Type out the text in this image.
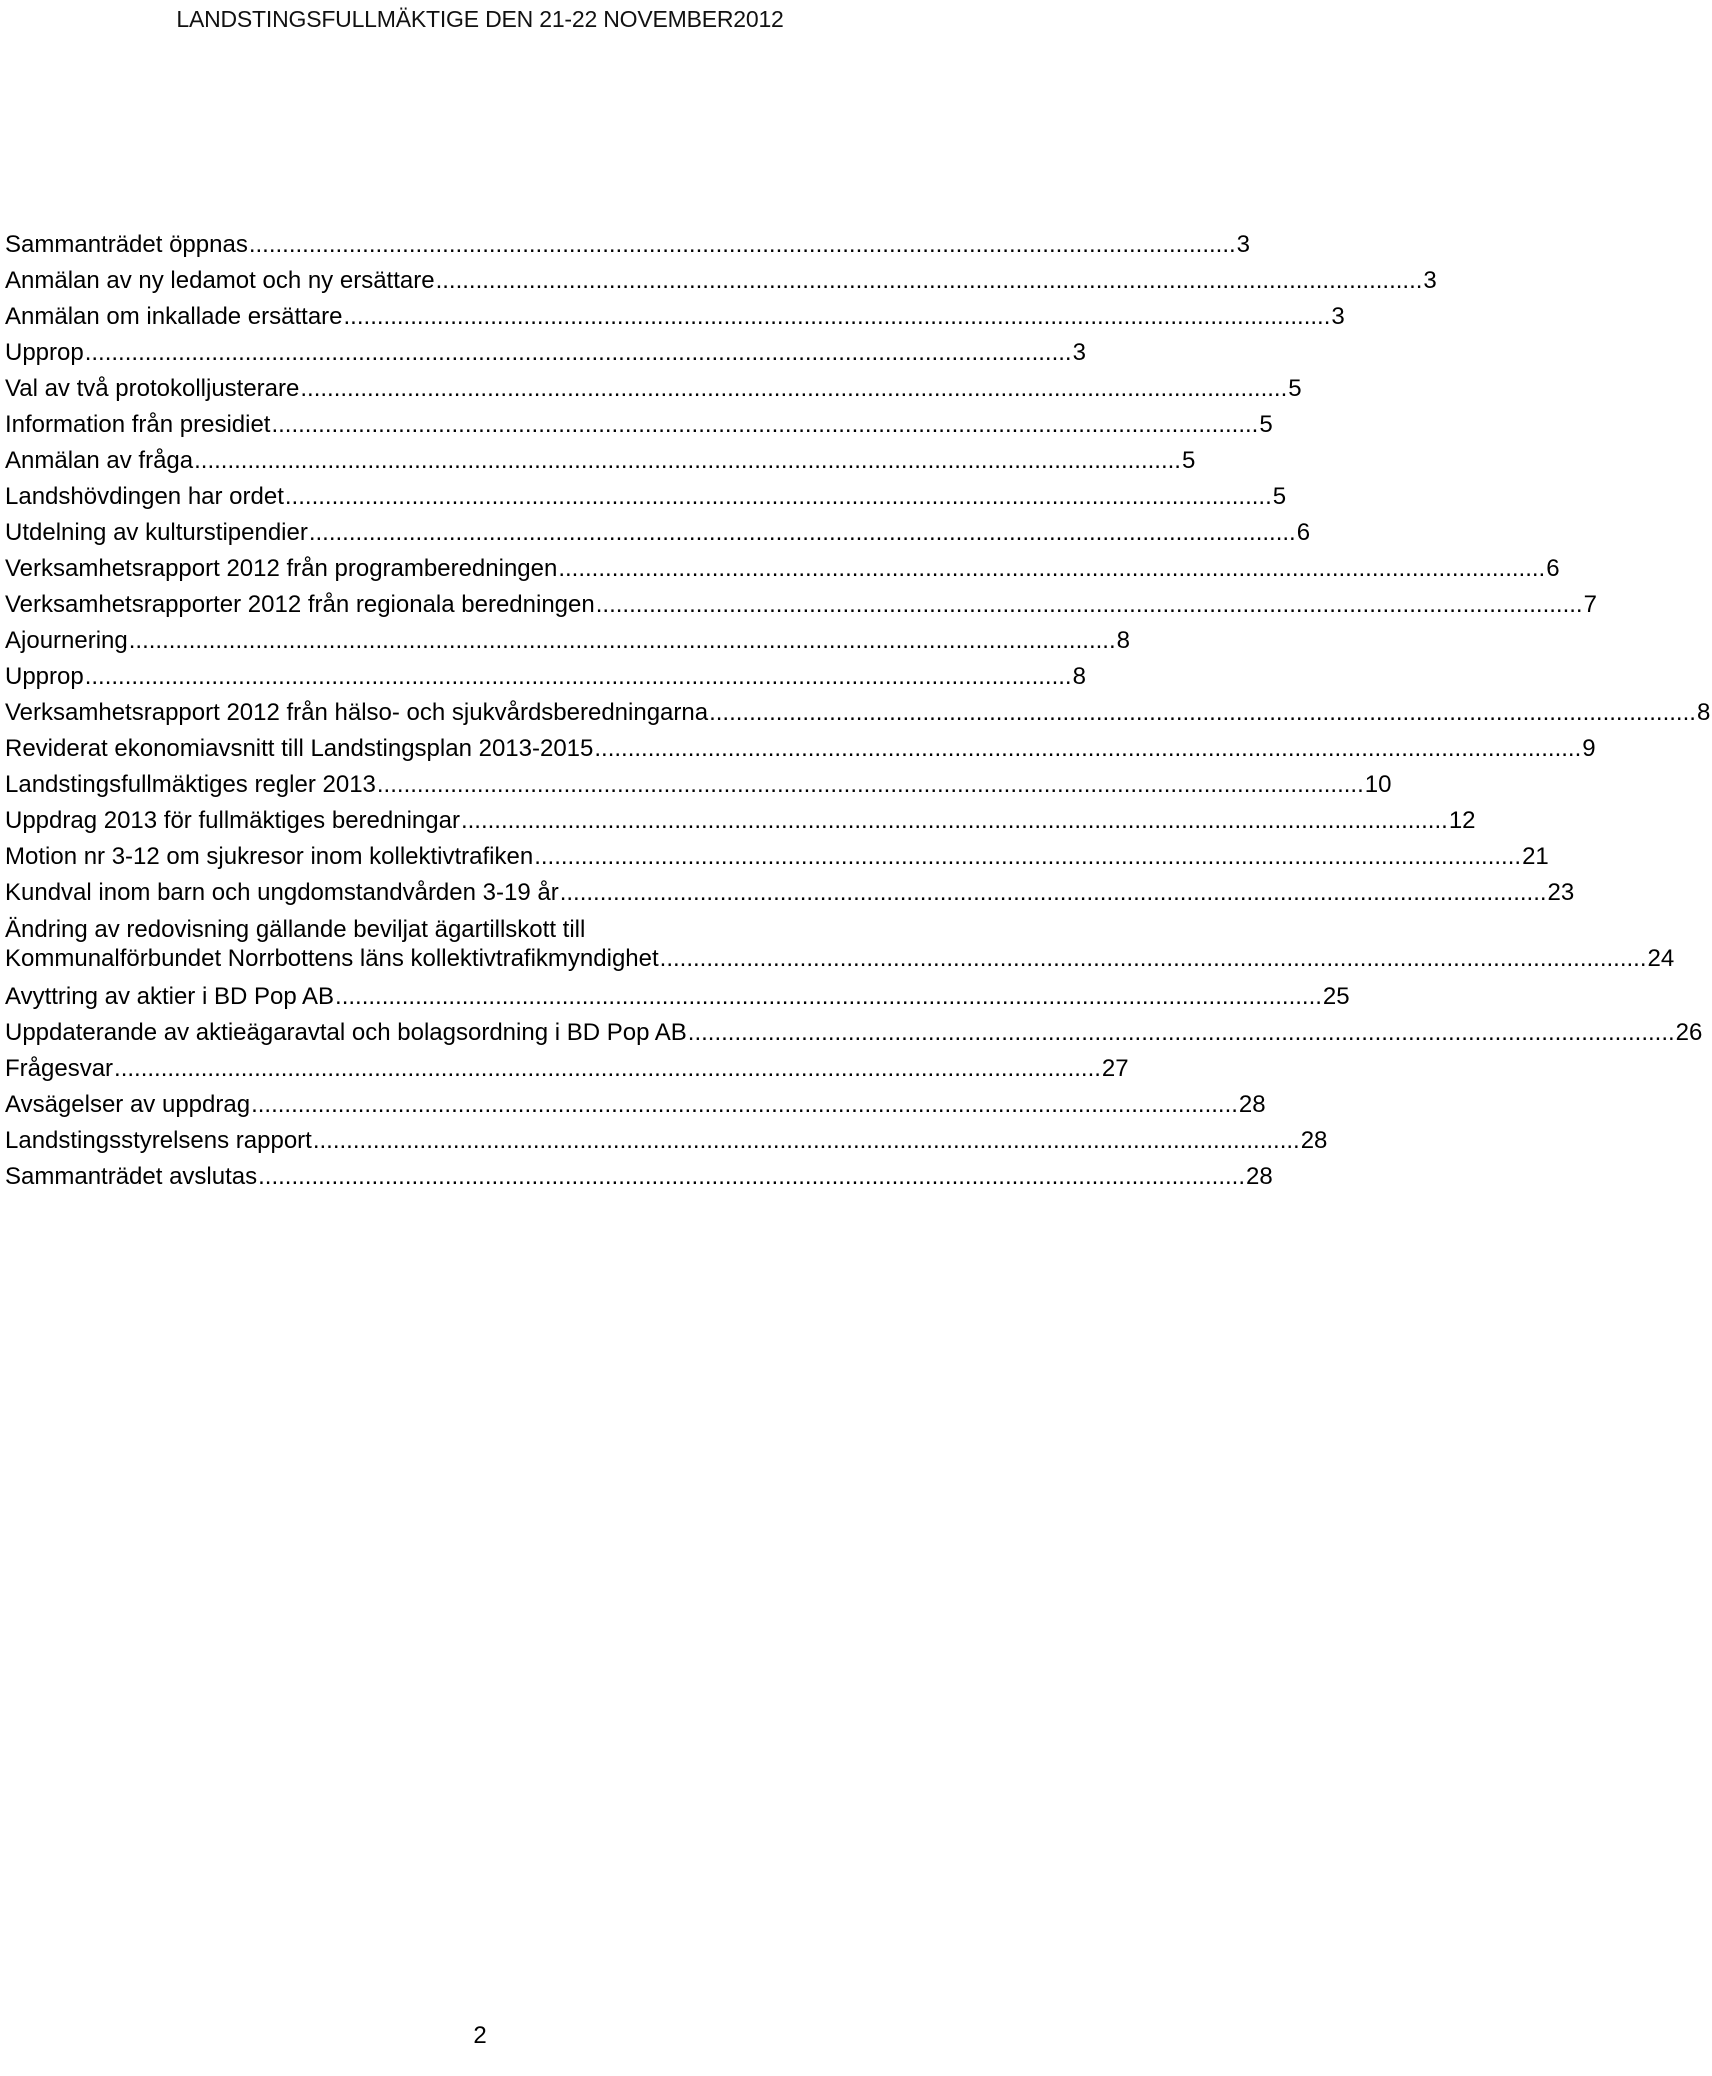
LANDSTINGSFULLMÄKTIGE DEN 21-22 NOVEMBER2012
Sammanträdet öppnas .................................................................................................................................................... 3
Anmälan av ny ledamot och ny ersättare .................................................................................................................................................... 3
Anmälan om inkallade ersättare .................................................................................................................................................... 3
Upprop .................................................................................................................................................... 3
Val av två protokolljusterare .................................................................................................................................................... 5
Information från presidiet .................................................................................................................................................... 5
Anmälan av fråga .................................................................................................................................................... 5
Landshövdingen har ordet .................................................................................................................................................... 5
Utdelning av kulturstipendier .................................................................................................................................................... 6
Verksamhetsrapport 2012 från programberedningen .................................................................................................................................................... 6
Verksamhetsrapporter 2012 från regionala beredningen .................................................................................................................................................... 7
Ajournering .................................................................................................................................................... 8
Upprop .................................................................................................................................................... 8
Verksamhetsrapport 2012 från hälso- och sjukvårdsberedningarna .................................................................................................................................................... 8
Reviderat ekonomiavsnitt till Landstingsplan 2013-2015 .................................................................................................................................................... 9
Landstingsfullmäktiges regler 2013 .................................................................................................................................................... 10
Uppdrag 2013 för fullmäktiges beredningar .................................................................................................................................................... 12
Motion nr 3-12 om sjukresor inom kollektivtrafiken .................................................................................................................................................... 21
Kundval inom barn och ungdomstandvården 3-19 år .................................................................................................................................................... 23
Ändring av redovisning gällande beviljat ägartillskott till
Kommunalförbundet Norrbottens läns kollektivtrafikmyndighet .................................................................................................................................................... 24
Avyttring av aktier i BD Pop AB .................................................................................................................................................... 25
Uppdaterande av aktieägaravtal och bolagsordning i BD Pop AB .................................................................................................................................................... 26
Frågesvar .................................................................................................................................................... 27
Avsägelser av uppdrag .................................................................................................................................................... 28
Landstingsstyrelsens rapport .................................................................................................................................................... 28
Sammanträdet avslutas .................................................................................................................................................... 28
2
